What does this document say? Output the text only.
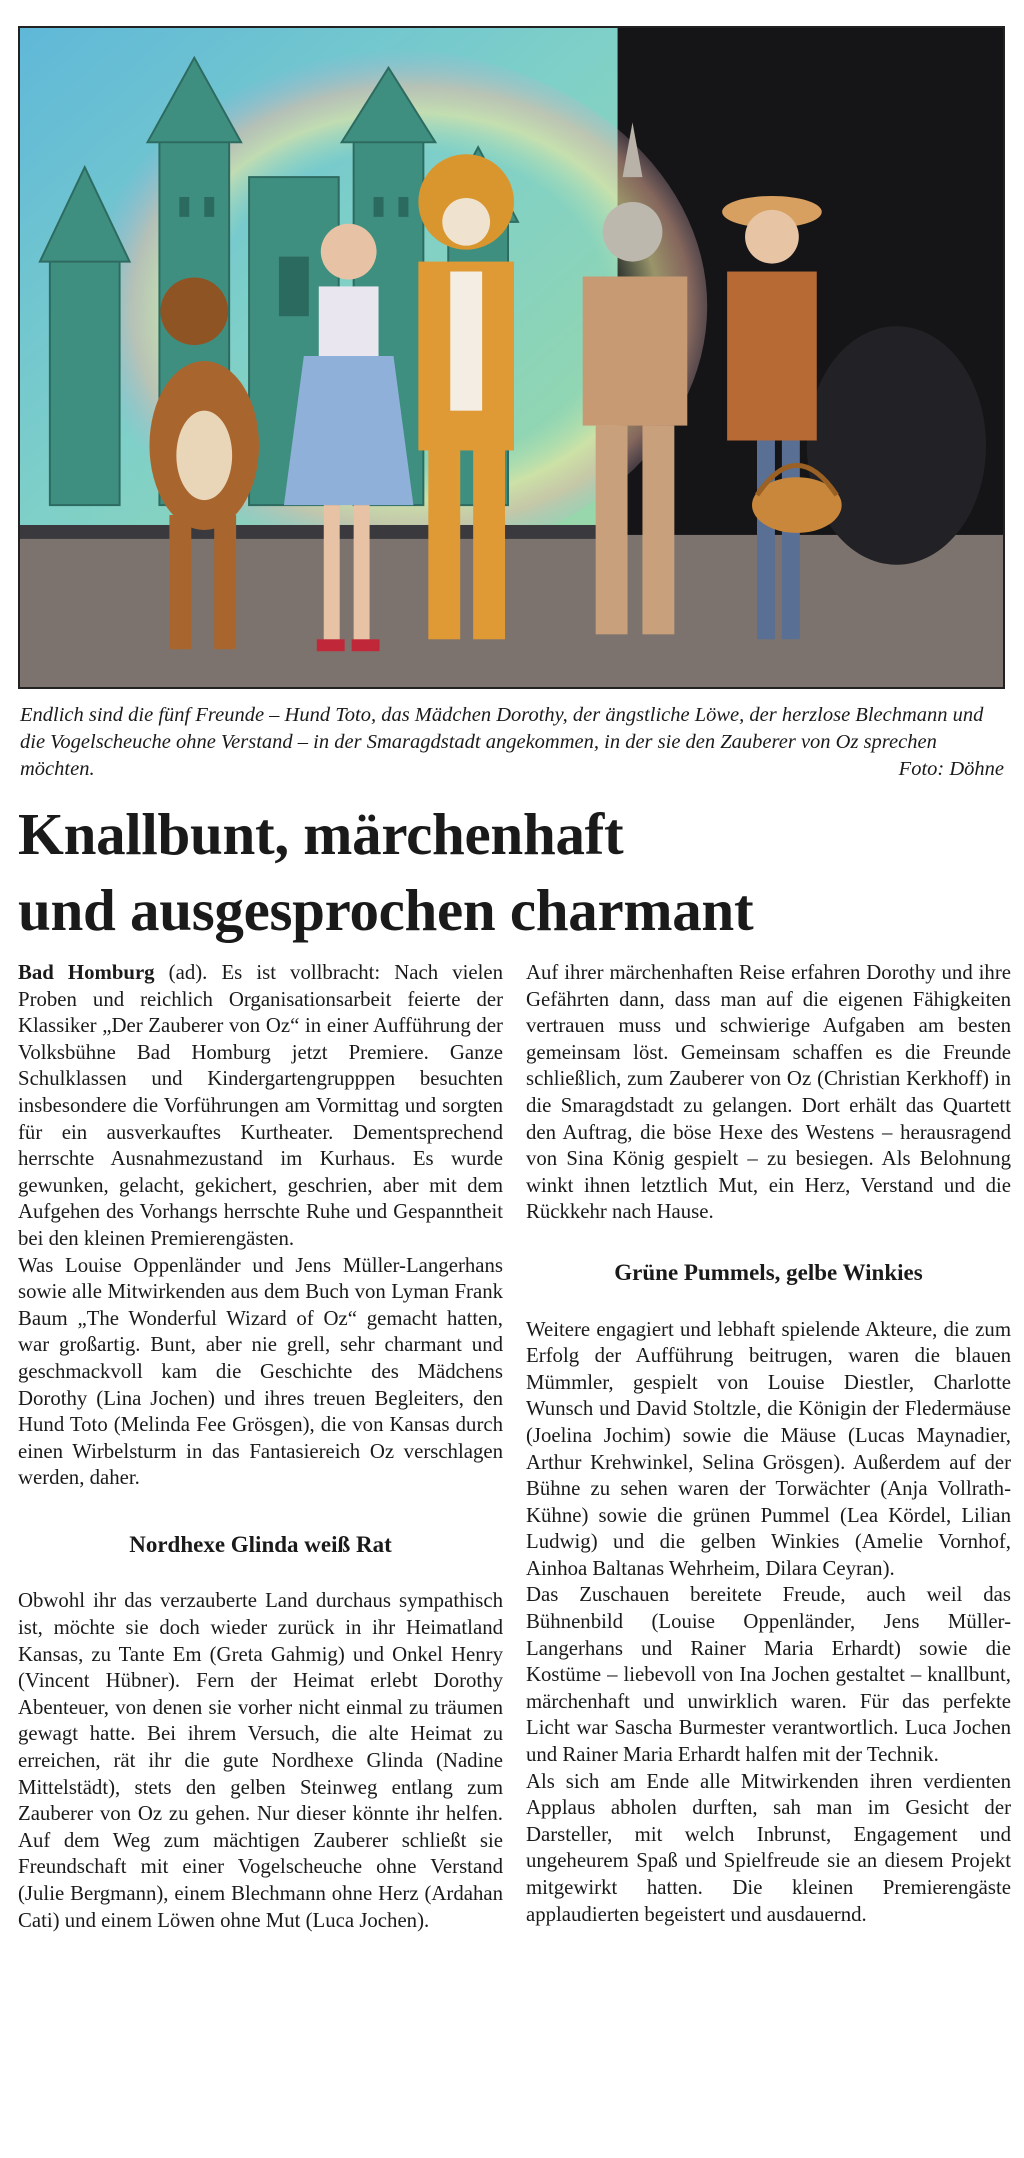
Endlich sind die fünf Freunde – Hund Toto, das Mädchen Dorothy, der ängstliche Löwe, der herzlose Blechmann und die Vogelscheuche ohne Verstand – in der Smaragdstadt angekommen, in der sie den Zauberer von Oz sprechen möchten.	Foto: Döhne
Knallbunt, märchenhaft
und ausgesprochen charmant

Bad Homburg (ad). Es ist vollbracht: Nach vielen Proben und reichlich Organisationsarbeit feierte der Klassiker „Der Zauberer von Oz“ in einer Aufführung der Volksbühne Bad Homburg jetzt Premiere. Ganze Schulklassen und Kindergartengrupppen besuchten insbesondere die Vorführungen am Vormittag und sorgten für ein ausverkauftes Kurtheater. Dementsprechend herrschte Ausnahmezustand im Kurhaus. Es wurde gewunken, gelacht, gekichert, geschrien, aber mit dem Aufgehen des Vorhangs herrschte Ruhe und Gespanntheit bei den kleinen Premierengästen.

Was Louise Oppenländer und Jens Müller-Langerhans sowie alle Mitwirkenden aus dem Buch von Lyman Frank Baum „The Wonderful Wizard of Oz“ gemacht hatten, war großartig. Bunt, aber nie grell, sehr charmant und geschmackvoll kam die Geschichte des Mädchens Dorothy (Lina Jochen) und ihres treuen Begleiters, den Hund Toto (Melinda Fee Grösgen), die von Kansas durch einen Wirbelsturm in das Fantasiereich Oz verschlagen werden, daher.

Nordhexe Glinda weiß Rat

Obwohl ihr das verzauberte Land durchaus sympathisch ist, möchte sie doch wieder zurück in ihr Heimatland Kansas, zu Tante Em (Greta Gahmig) und Onkel Henry (Vincent Hübner). Fern der Heimat erlebt Dorothy Abenteuer, von denen sie vorher nicht einmal zu träumen gewagt hatte. Bei ihrem Versuch, die alte Heimat zu erreichen, rät ihr die gute Nordhexe Glinda (Nadine Mittelstädt), stets den gelben Steinweg entlang zum Zauberer von Oz zu gehen. Nur dieser könnte ihr helfen. Auf dem Weg zum mächtigen Zauberer schließt sie Freundschaft mit einer Vogelscheuche ohne Verstand (Julie Bergmann), einem Blechmann ohne Herz (Ardahan Cati) und einem Löwen ohne Mut (Luca Jochen).

Auf ihrer märchenhaften Reise erfahren Dorothy und ihre Gefährten dann, dass man auf die eigenen Fähigkeiten vertrauen muss und schwierige Aufgaben am besten gemeinsam löst. Gemeinsam schaffen es die Freunde schließlich, zum Zauberer von Oz (Christian Kerkhoff) in die Smaragdstadt zu gelangen. Dort erhält das Quartett den Auftrag, die böse Hexe des Westens – herausragend von Sina König gespielt – zu besiegen. Als Belohnung winkt ihnen letztlich Mut, ein Herz, Verstand und die Rückkehr nach Hause.

Grüne Pummels, gelbe Winkies

Weitere engagiert und lebhaft spielende Akteure, die zum Erfolg der Aufführung beitrugen, waren die blauen Mümmler, gespielt von Louise Diestler, Charlotte Wunsch und David Stoltzle, die Königin der Fledermäuse (Joelina Jochim) sowie die Mäuse (Lucas Maynadier, Arthur Krehwinkel, Selina Grösgen). Außerdem auf der Bühne zu sehen waren der Torwächter (Anja Vollrath-Kühne) sowie die grünen Pummel (Lea Kördel, Lilian Ludwig) und die gelben Winkies (Amelie Vornhof, Ainhoa Baltanas Wehrheim, Dilara Ceyran).

Das Zuschauen bereitete Freude, auch weil das Bühnenbild (Louise Oppenländer, Jens Müller-Langerhans und Rainer Maria Erhardt) sowie die Kostüme – liebevoll von Ina Jochen gestaltet – knallbunt, märchenhaft und unwirklich waren. Für das perfekte Licht war Sascha Burmester verantwortlich. Luca Jochen und Rainer Maria Erhardt halfen mit der Technik.

Als sich am Ende alle Mitwirkenden ihren verdienten Applaus abholen durften, sah man im Gesicht der Darsteller, mit welch Inbrunst, Engagement und ungeheurem Spaß und Spielfreude sie an diesem Projekt mitgewirkt hatten. Die kleinen Premierengäste applaudierten begeistert und ausdauernd.
